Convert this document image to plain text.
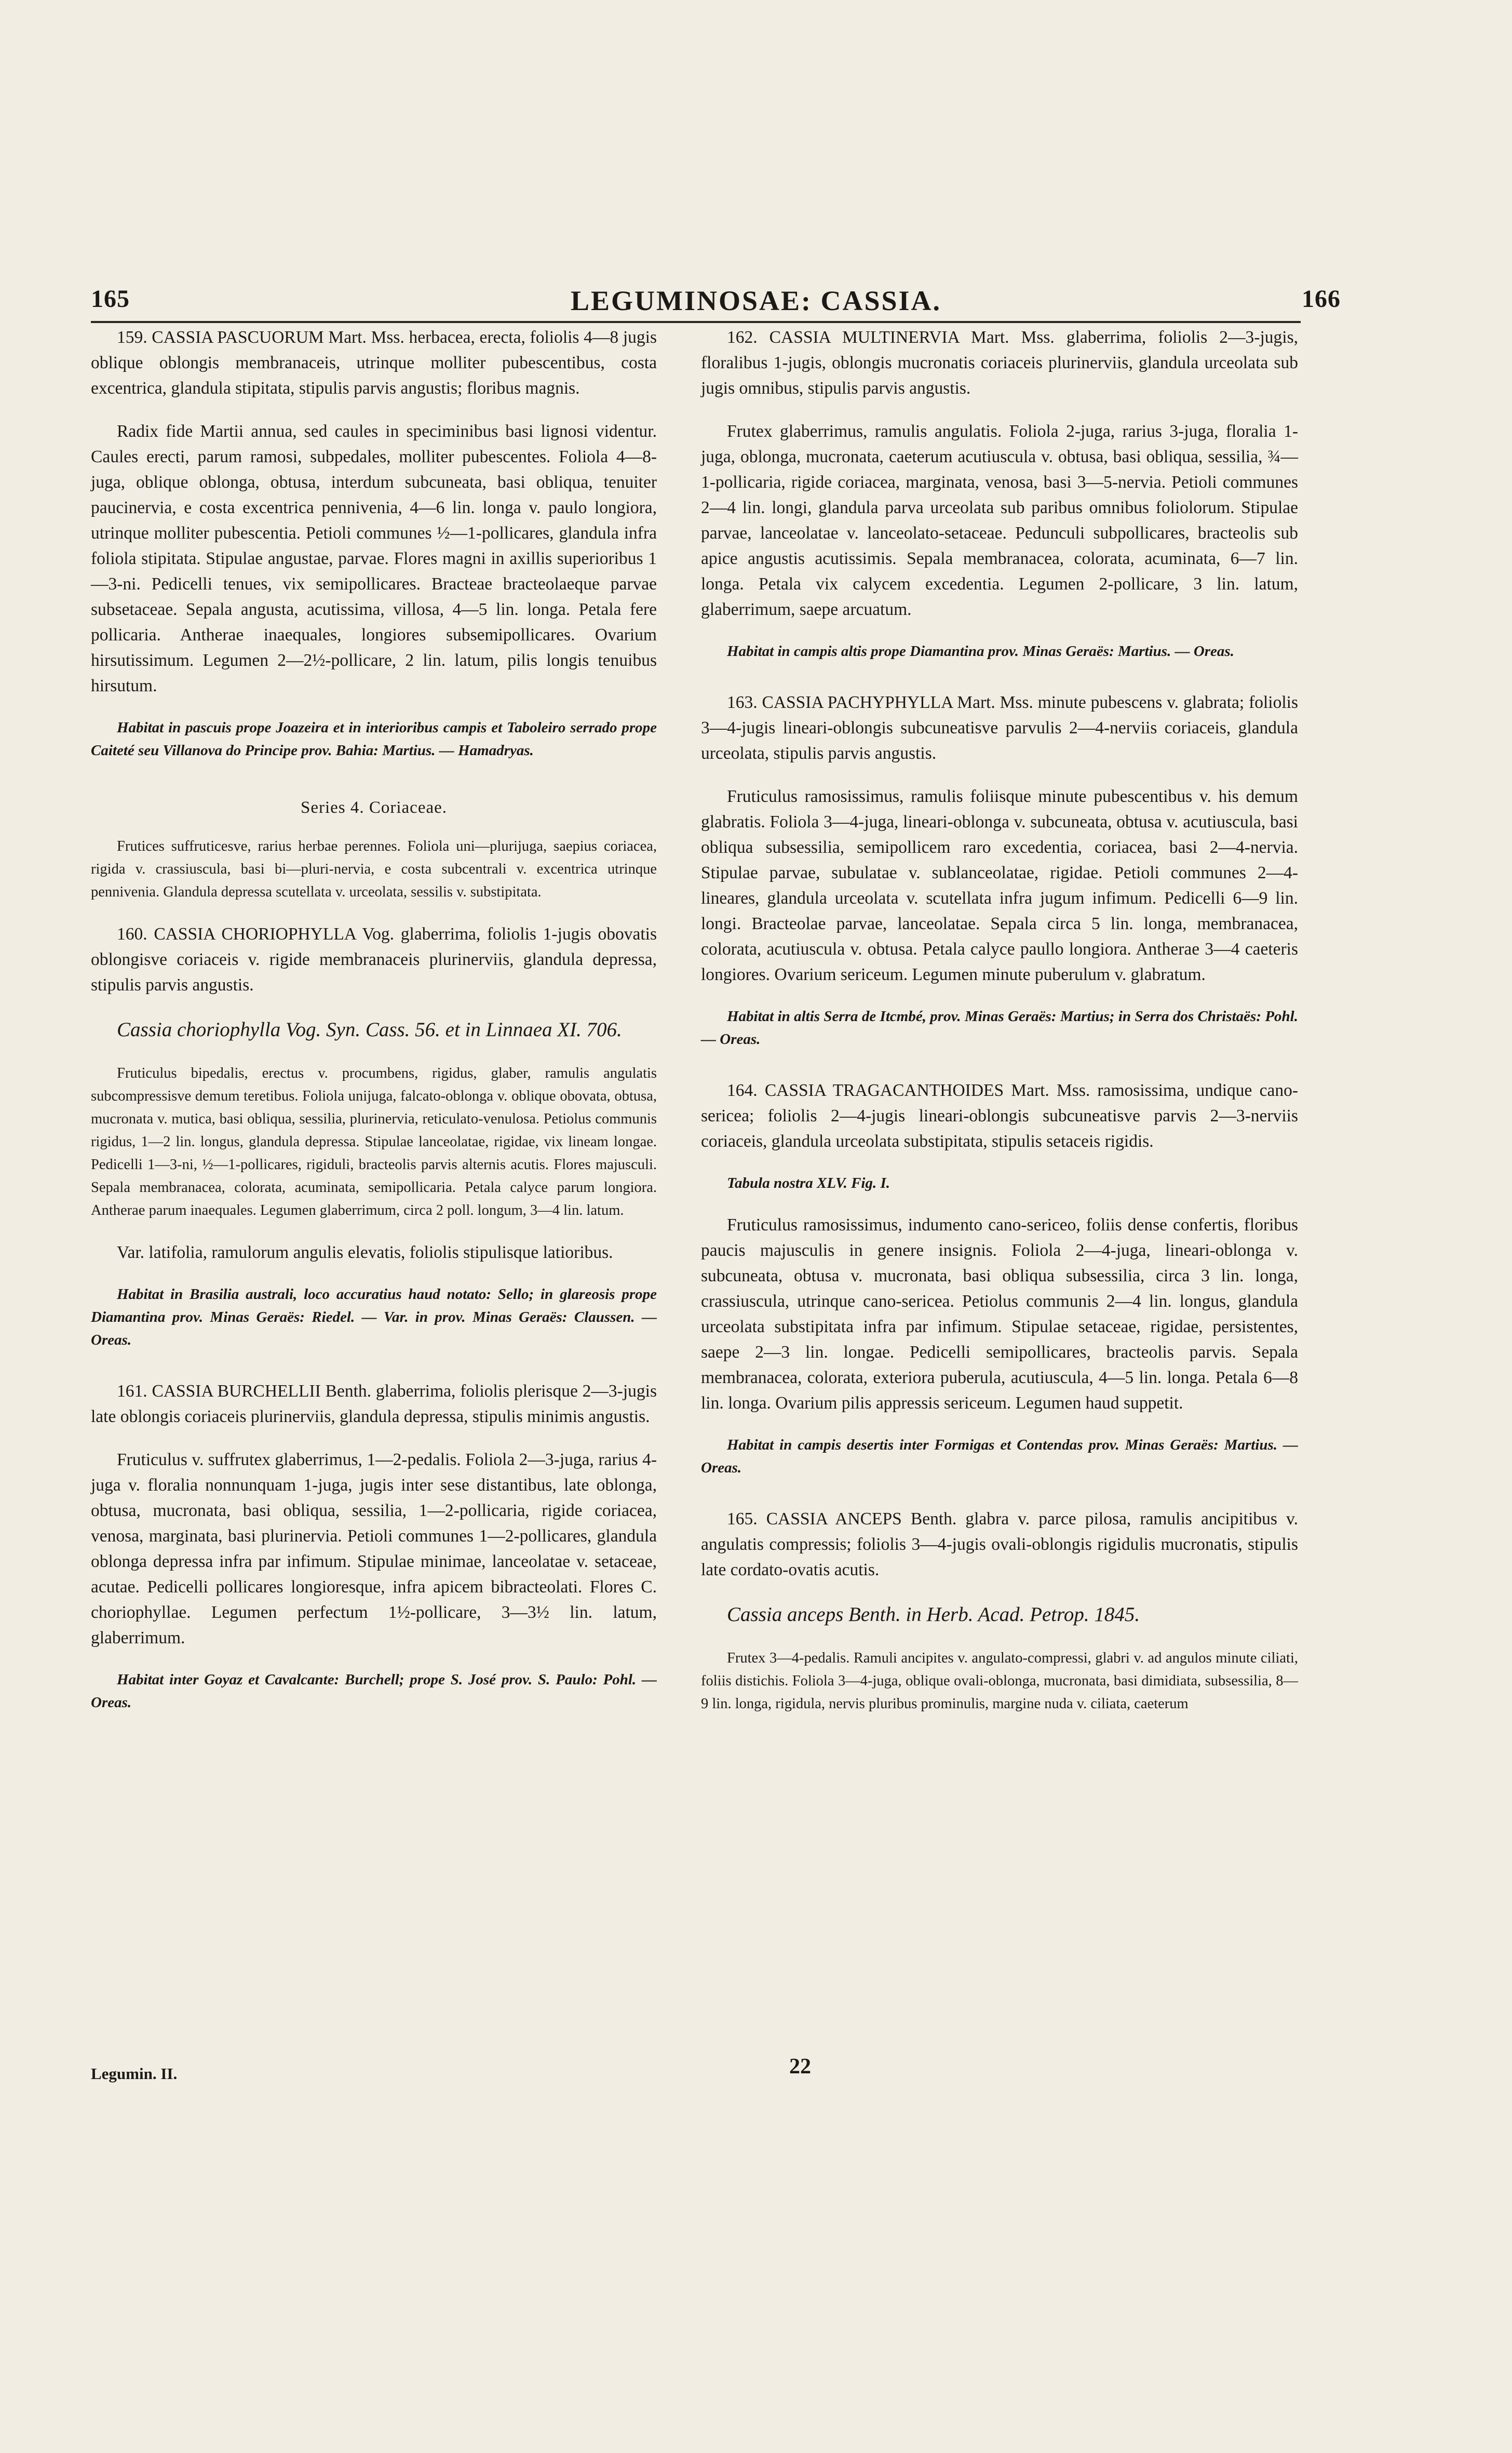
165	LEGUMINOSAE: CASSIA.	166

159. CASSIA PASCUORUM Mart. Mss. herbacea, erecta, foliolis 4—8 jugis oblique oblongis membranaceis, utrinque molliter pubescentibus, costa excentrica, glandula stipitata, stipulis parvis angustis; floribus magnis.

Radix fide Martii annua, sed caules in speciminibus basi lignosi videntur. Caules erecti, parum ramosi, subpedales, molliter pubescentes. Foliola 4—8-juga, oblique oblonga, obtusa, interdum subcuneata, basi obliqua, tenuiter paucinervia, e costa excentrica pennivenia, 4—6 lin. longa v. paulo longiora, utrinque molliter pubescentia. Petioli communes ½—1-pollicares, glandula infra foliola stipitata. Stipulae angustae, parvae. Flores magni in axillis superioribus 1—3-ni. Pedicelli tenues, vix semipollicares. Bracteae bracteolaeque parvae subsetaceae. Sepala angusta, acutissima, villosa, 4—5 lin. longa. Petala fere pollicaria. Antherae inaequales, longiores subsemipollicares. Ovarium hirsutissimum. Legumen 2—2½-pollicare, 2 lin. latum, pilis longis tenuibus hirsutum.

Habitat in pascuis prope Joazeira et in interioribus campis et Taboleiro serrado prope Caiteté seu Villanova do Principe prov. Bahia: Martius. — Hamadryas.

Series 4. Coriaceae.

Frutices suffruticesve, rarius herbae perennes. Foliola uni—plurijuga, saepius coriacea, rigida v. crassiuscula, basi bi—pluri-nervia, e costa subcentrali v. excentrica utrinque pennivenia. Glandula depressa scutellata v. urceolata, sessilis v. substipitata.

160. CASSIA CHORIOPHYLLA Vog. glaberrima, foliolis 1-jugis obovatis oblongisve coriaceis v. rigide membranaceis plurinerviis, glandula depressa, stipulis parvis angustis.

Cassia choriophylla Vog. Syn. Cass. 56. et in Linnaea XI. 706.

Fruticulus bipedalis, erectus v. procumbens, rigidus, glaber, ramulis angulatis subcompressisve demum teretibus. Foliola unijuga, falcato-oblonga v. oblique obovata, obtusa, mucronata v. mutica, basi obliqua, sessilia, plurinervia, reticulato-venulosa. Petiolus communis rigidus, 1—2 lin. longus, glandula depressa. Stipulae lanceolatae, rigidae, vix lineam longae. Pedicelli 1—3-ni, ½—1-pollicares, rigiduli, bracteolis parvis alternis acutis. Flores majusculi. Sepala membranacea, colorata, acuminata, semipollicaria. Petala calyce parum longiora. Antherae parum inaequales. Legumen glaberrimum, circa 2 poll. longum, 3—4 lin. latum.

Var. latifolia, ramulorum angulis elevatis, foliolis stipulisque latioribus.

Habitat in Brasilia australi, loco accuratius haud notato: Sello; in glareosis prope Diamantina prov. Minas Geraës: Riedel. — Var. in prov. Minas Geraës: Claussen. — Oreas.

161. CASSIA BURCHELLII Benth. glaberrima, foliolis plerisque 2—3-jugis late oblongis coriaceis plurinerviis, glandula depressa, stipulis minimis angustis.

Fruticulus v. suffrutex glaberrimus, 1—2-pedalis. Foliola 2—3-juga, rarius 4-juga v. floralia nonnunquam 1-juga, jugis inter sese distantibus, late oblonga, obtusa, mucronata, basi obliqua, sessilia, 1—2-pollicaria, rigide coriacea, venosa, marginata, basi plurinervia. Petioli communes 1—2-pollicares, glandula oblonga depressa infra par infimum. Stipulae minimae, lanceolatae v. setaceae, acutae. Pedicelli pollicares longioresque, infra apicem bibracteolati. Flores C. choriophyllae. Legumen perfectum 1½-pollicare, 3—3½ lin. latum, glaberrimum.

Habitat inter Goyaz et Cavalcante: Burchell; prope S. José prov. S. Paulo: Pohl. — Oreas.

162. CASSIA MULTINERVIA Mart. Mss. glaberrima, foliolis 2—3-jugis, floralibus 1-jugis, oblongis mucronatis coriaceis plurinerviis, glandula urceolata sub jugis omnibus, stipulis parvis angustis.

Frutex glaberrimus, ramulis angulatis. Foliola 2-juga, rarius 3-juga, floralia 1-juga, oblonga, mucronata, caeterum acutiuscula v. obtusa, basi obliqua, sessilia, ¾—1-pollicaria, rigide coriacea, marginata, venosa, basi 3—5-nervia. Petioli communes 2—4 lin. longi, glandula parva urceolata sub paribus omnibus foliolorum. Stipulae parvae, lanceolatae v. lanceolato-setaceae. Pedunculi subpollicares, bracteolis sub apice angustis acutissimis. Sepala membranacea, colorata, acuminata, 6—7 lin. longa. Petala vix calycem excedentia. Legumen 2-pollicare, 3 lin. latum, glaberrimum, saepe arcuatum.

Habitat in campis altis prope Diamantina prov. Minas Geraës: Martius. — Oreas.

163. CASSIA PACHYPHYLLA Mart. Mss. minute pubescens v. glabrata; foliolis 3—4-jugis lineari-oblongis subcuneatisve parvulis 2—4-nerviis coriaceis, glandula urceolata, stipulis parvis angustis.

Fruticulus ramosissimus, ramulis foliisque minute pubescentibus v. his demum glabratis. Foliola 3—4-juga, lineari-oblonga v. subcuneata, obtusa v. acutiuscula, basi obliqua subsessilia, semipollicem raro excedentia, coriacea, basi 2—4-nervia. Stipulae parvae, subulatae v. sublanceolatae, rigidae. Petioli communes 2—4-lineares, glandula urceolata v. scutellata infra jugum infimum. Pedicelli 6—9 lin. longi. Bracteolae parvae, lanceolatae. Sepala circa 5 lin. longa, membranacea, colorata, acutiuscula v. obtusa. Petala calyce paullo longiora. Antherae 3—4 caeteris longiores. Ovarium sericeum. Legumen minute puberulum v. glabratum.

Habitat in altis Serra de Itcmbé, prov. Minas Geraës: Martius; in Serra dos Christaës: Pohl. — Oreas.

164. CASSIA TRAGACANTHOIDES Mart. Mss. ramosissima, undique cano-sericea; foliolis 2—4-jugis lineari-oblongis subcuneatisve parvis 2—3-nerviis coriaceis, glandula urceolata substipitata, stipulis setaceis rigidis.

Tabula nostra XLV. Fig. I.

Fruticulus ramosissimus, indumento cano-sericeo, foliis dense confertis, floribus paucis majusculis in genere insignis. Foliola 2—4-juga, lineari-oblonga v. subcuneata, obtusa v. mucronata, basi obliqua subsessilia, circa 3 lin. longa, crassiuscula, utrinque cano-sericea. Petiolus communis 2—4 lin. longus, glandula urceolata substipitata infra par infimum. Stipulae setaceae, rigidae, persistentes, saepe 2—3 lin. longae. Pedicelli semipollicares, bracteolis parvis. Sepala membranacea, colorata, exteriora puberula, acutiuscula, 4—5 lin. longa. Petala 6—8 lin. longa. Ovarium pilis appressis sericeum. Legumen haud suppetit.

Habitat in campis desertis inter Formigas et Contendas prov. Minas Geraës: Martius. — Oreas.

165. CASSIA ANCEPS Benth. glabra v. parce pilosa, ramulis ancipitibus v. angulatis compressis; foliolis 3—4-jugis ovali-oblongis rigidulis mucronatis, stipulis late cordato-ovatis acutis.

Cassia anceps Benth. in Herb. Acad. Petrop. 1845.

Frutex 3—4-pedalis. Ramuli ancipites v. angulato-compressi, glabri v. ad angulos minute ciliati, foliis distichis. Foliola 3—4-juga, oblique ovali-oblonga, mucronata, basi dimidiata, subsessilia, 8—9 lin. longa, rigidula, nervis pluribus prominulis, margine nuda v. ciliata, caeterum

Legumin. II.	22
